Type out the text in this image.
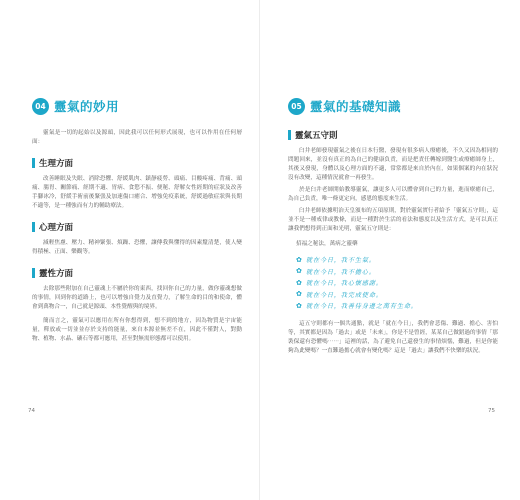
04 靈氣的妙用

靈氣是一切的起始以及源頭，因此我可以任何形式展現，也可以作用在任何層面：

生理方面

改善睡眠及失眠、消除恐懼、舒緩肌肉、鎮靜疲勞、頭痛、目酸疼痛、背痛、頭痛、腸胃、關節痛、經期不適、胃病、食慾不振、便秘、舒解女性經期的症狀及改善手腳冰冷，舒緩手術前後緊張及加速傷口癒合、增強免疫系統，舒緩過敏症狀與長期不適等，是一種強而有力的輔助療法。

心理方面

減輕焦慮、壓力、精神緊張、煩躁、恐懼，讓傳我與懂得的因素釐清楚，使人變得積極、正面、樂觀等。

靈性方面

去除那些附加在自己靈魂上不屬於你的東西，找回你自己的力量，做你靈魂想做的事情，回到你的道路上，也可以增強自覺力及直覺力，了解生命的目的和使命，體會到萬物合一，自己就是源頭、本性覺醒與的境界。

簡而言之，靈氣可以應用在所有你想得到，想不到的地方，因為物質是宇宙能量，釋放或一切並並存於支持的能量，來自本源並無差不在，因此不僅對人，對動物、植物、水晶、礦石等都可應用，甚至對無需形態都可以使用。

74
05 靈氣的基礎知識
靈氣五守則

臼井老師發現靈氣之後在日本行醫，發現有很多病人療癒後，不久又因為相同的問題回來，並沒有真正的為自己的健康負責，而是把責任轉嫁到醫生或療癒師身上，其後又發現，身體以及心理方面的不適，常常都是來自於內在，如果個案的內在狀況沒有改變，這種情況就會一再發生。

於是臼井老師開始教導靈氣，讓更多人可以體會到自己的力量，進而療癒自己，為自己負責，唯一條更定向，感恩的態度來生活。

臼井老師依據明治天皇頒布的五項原則，對於靈氣實行者給予「靈氣五守則」，這並不是一種戒律或教條，而是一種對於生活的看法和態度以及生活方式，是可以真正讓我們想得到正面和光明，靈氣五守則是：

招福之秘法，萬病之靈藥
✿ 就在今日，我不生氣。
✿ 就在今日，我不擔心。
✿ 就在今日，我心懷感謝。
✿ 就在今日，我完成使命。
✿ 就在今日，我善待身邊之萬有生命。

這五守則都有一個共通點，就是「就在今日」，我們會悲傷、難過、擔心、害怕等，其實都是因為「過去」或是「未來」，你是不是曾經，某某自己做錯過的事情「那裝保還有恐懼嗎⋯⋯」這裡的話，為了避免自己還發生的事情煩惱，難過，但是你能夠為此變嗎？一直難過擔心就會有變化嗎？這是「過去」讓我們不快樂的狀況。

75
